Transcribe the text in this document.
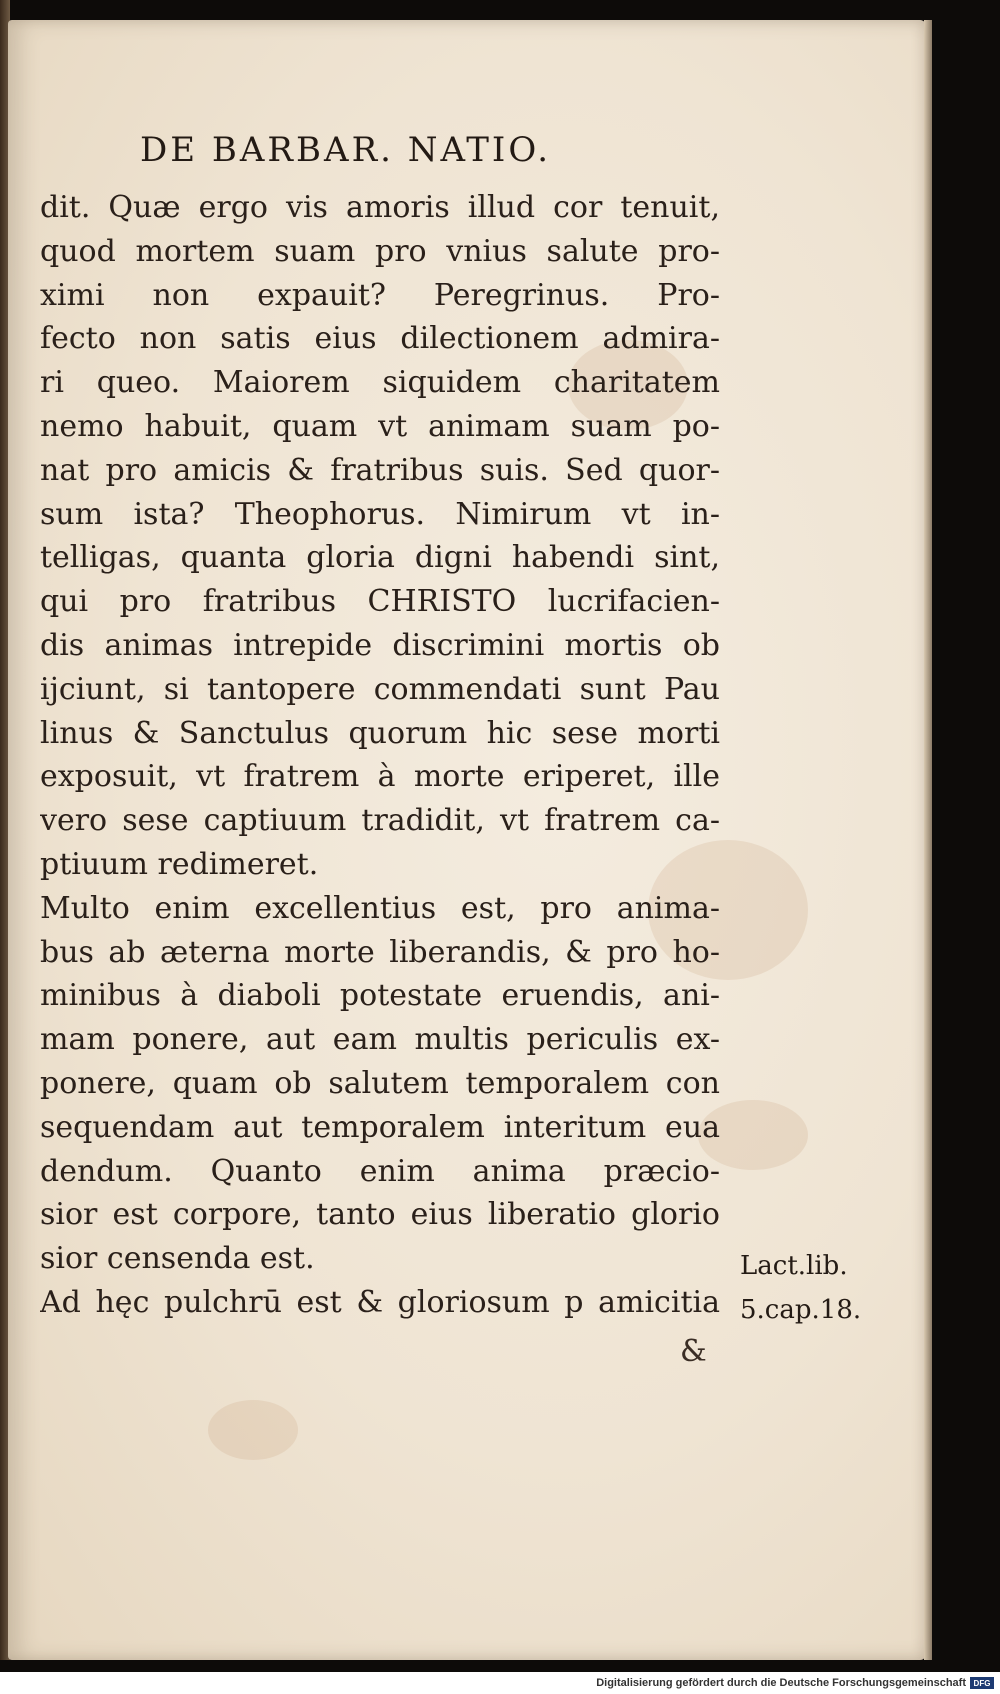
DE BARBAR. NATIO.
dit. Quæ ergo vis amoris illud cor tenuit,
quod mortem suam pro vnius salute pro-
ximi non expauit? Peregrinus. Pro-
fecto non satis eius dilectionem admira-
ri queo. Maiorem siquidem charitatem
nemo habuit, quam vt animam suam po-
nat pro amicis & fratribus suis. Sed quor-
sum ista? Theophorus. Nimirum vt in-
telligas, quanta gloria digni habendi sint,
qui pro fratribus CHRISTO lucrifacien-
dis animas intrepide discrimini mortis ob
ijciunt, si tantopere commendati sunt Pau
linus & Sanctulus quorum hic sese morti
exposuit, vt fratrem à morte eriperet, ille
vero sese captiuum tradidit, vt fratrem ca-
ptiuum redimeret.
Multo enim excellentius est, pro anima-
bus ab æterna morte liberandis, & pro ho-
minibus à diaboli potestate eruendis, ani-
mam ponere, aut eam multis periculis ex-
ponere, quam ob salutem temporalem con
sequendam aut temporalem interitum eua
dendum. Quanto enim anima præcio-
sior est corpore, tanto eius liberatio glorio
sior censenda est.
Ad hęc pulchrū est & gloriosum p amicitia
Lact.lib.
5.cap.18.
&
Digitalisierung gefördert durch die Deutsche Forschungsgemeinschaft DFG
